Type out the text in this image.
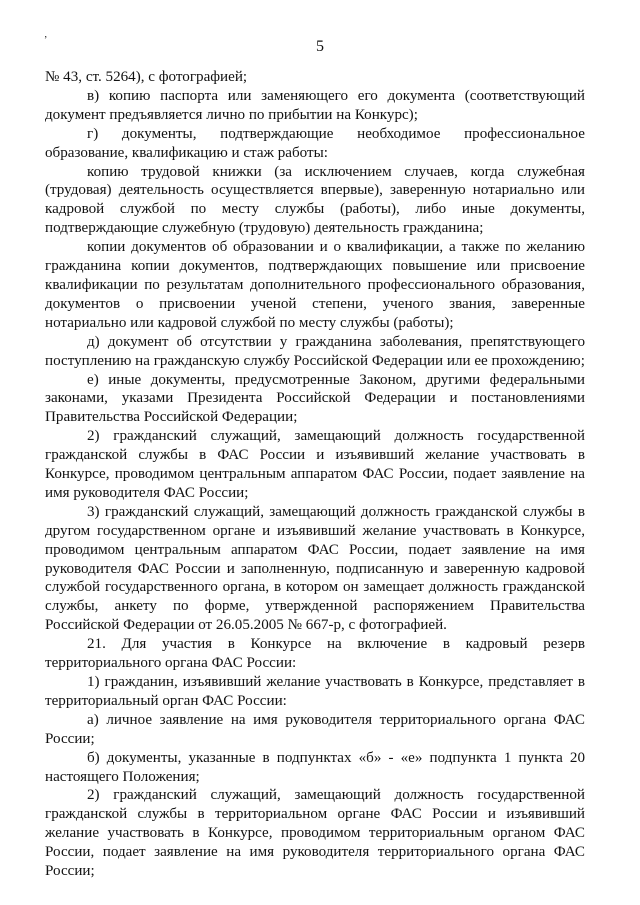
’	5

№ 43, ст. 5264), с фотографией;

в) копию паспорта или заменяющего его документа (соответствующий документ предъявляется лично по прибытии на Конкурс);

г) документы, подтверждающие необходимое профессиональное образование, квалификацию и стаж работы:

копию трудовой книжки (за исключением случаев, когда служебная (трудовая) деятельность осуществляется впервые), заверенную нотариально или кадровой службой по месту службы (работы), либо иные документы, подтверждающие служебную (трудовую) деятельность гражданина;

копии документов об образовании и о квалификации, а также по желанию гражданина копии документов, подтверждающих повышение или присвоение квалификации по результатам дополнительного профессионального образования, документов о присвоении ученой степени, ученого звания, заверенные нотариально или кадровой службой по месту службы (работы);

д) документ об отсутствии у гражданина заболевания, препятствующего поступлению на гражданскую службу Российской Федерации или ее прохождению;

е) иные документы, предусмотренные Законом, другими федеральными законами, указами Президента Российской Федерации и постановлениями Правительства Российской Федерации;

2) гражданский служащий, замещающий должность государственной гражданской службы в ФАС России и изъявивший желание участвовать в Конкурсе, проводимом центральным аппаратом ФАС России, подает заявление на имя руководителя ФАС России;

3) гражданский служащий, замещающий должность гражданской службы в другом государственном органе и изъявивший желание участвовать в Конкурсе, проводимом центральным аппаратом ФАС России, подает заявление на имя руководителя ФАС России и заполненную, подписанную и заверенную кадровой службой государственного органа, в котором он замещает должность гражданской службы, анкету по форме, утвержденной распоряжением Правительства Российской Федерации от 26.05.2005 № 667-р, с фотографией.

21. Для участия в Конкурсе на включение в кадровый резерв территориального органа ФАС России:

1) гражданин, изъявивший желание участвовать в Конкурсе, представляет в территориальный орган ФАС России:

а) личное заявление на имя руководителя территориального органа ФАС России;

б) документы, указанные в подпунктах «б» - «е» подпункта 1 пункта 20 настоящего Положения;

2) гражданский служащий, замещающий должность государственной гражданской службы в территориальном органе ФАС России и изъявивший желание участвовать в Конкурсе, проводимом территориальным органом ФАС России, подает заявление на имя руководителя территориального органа ФАС России;
